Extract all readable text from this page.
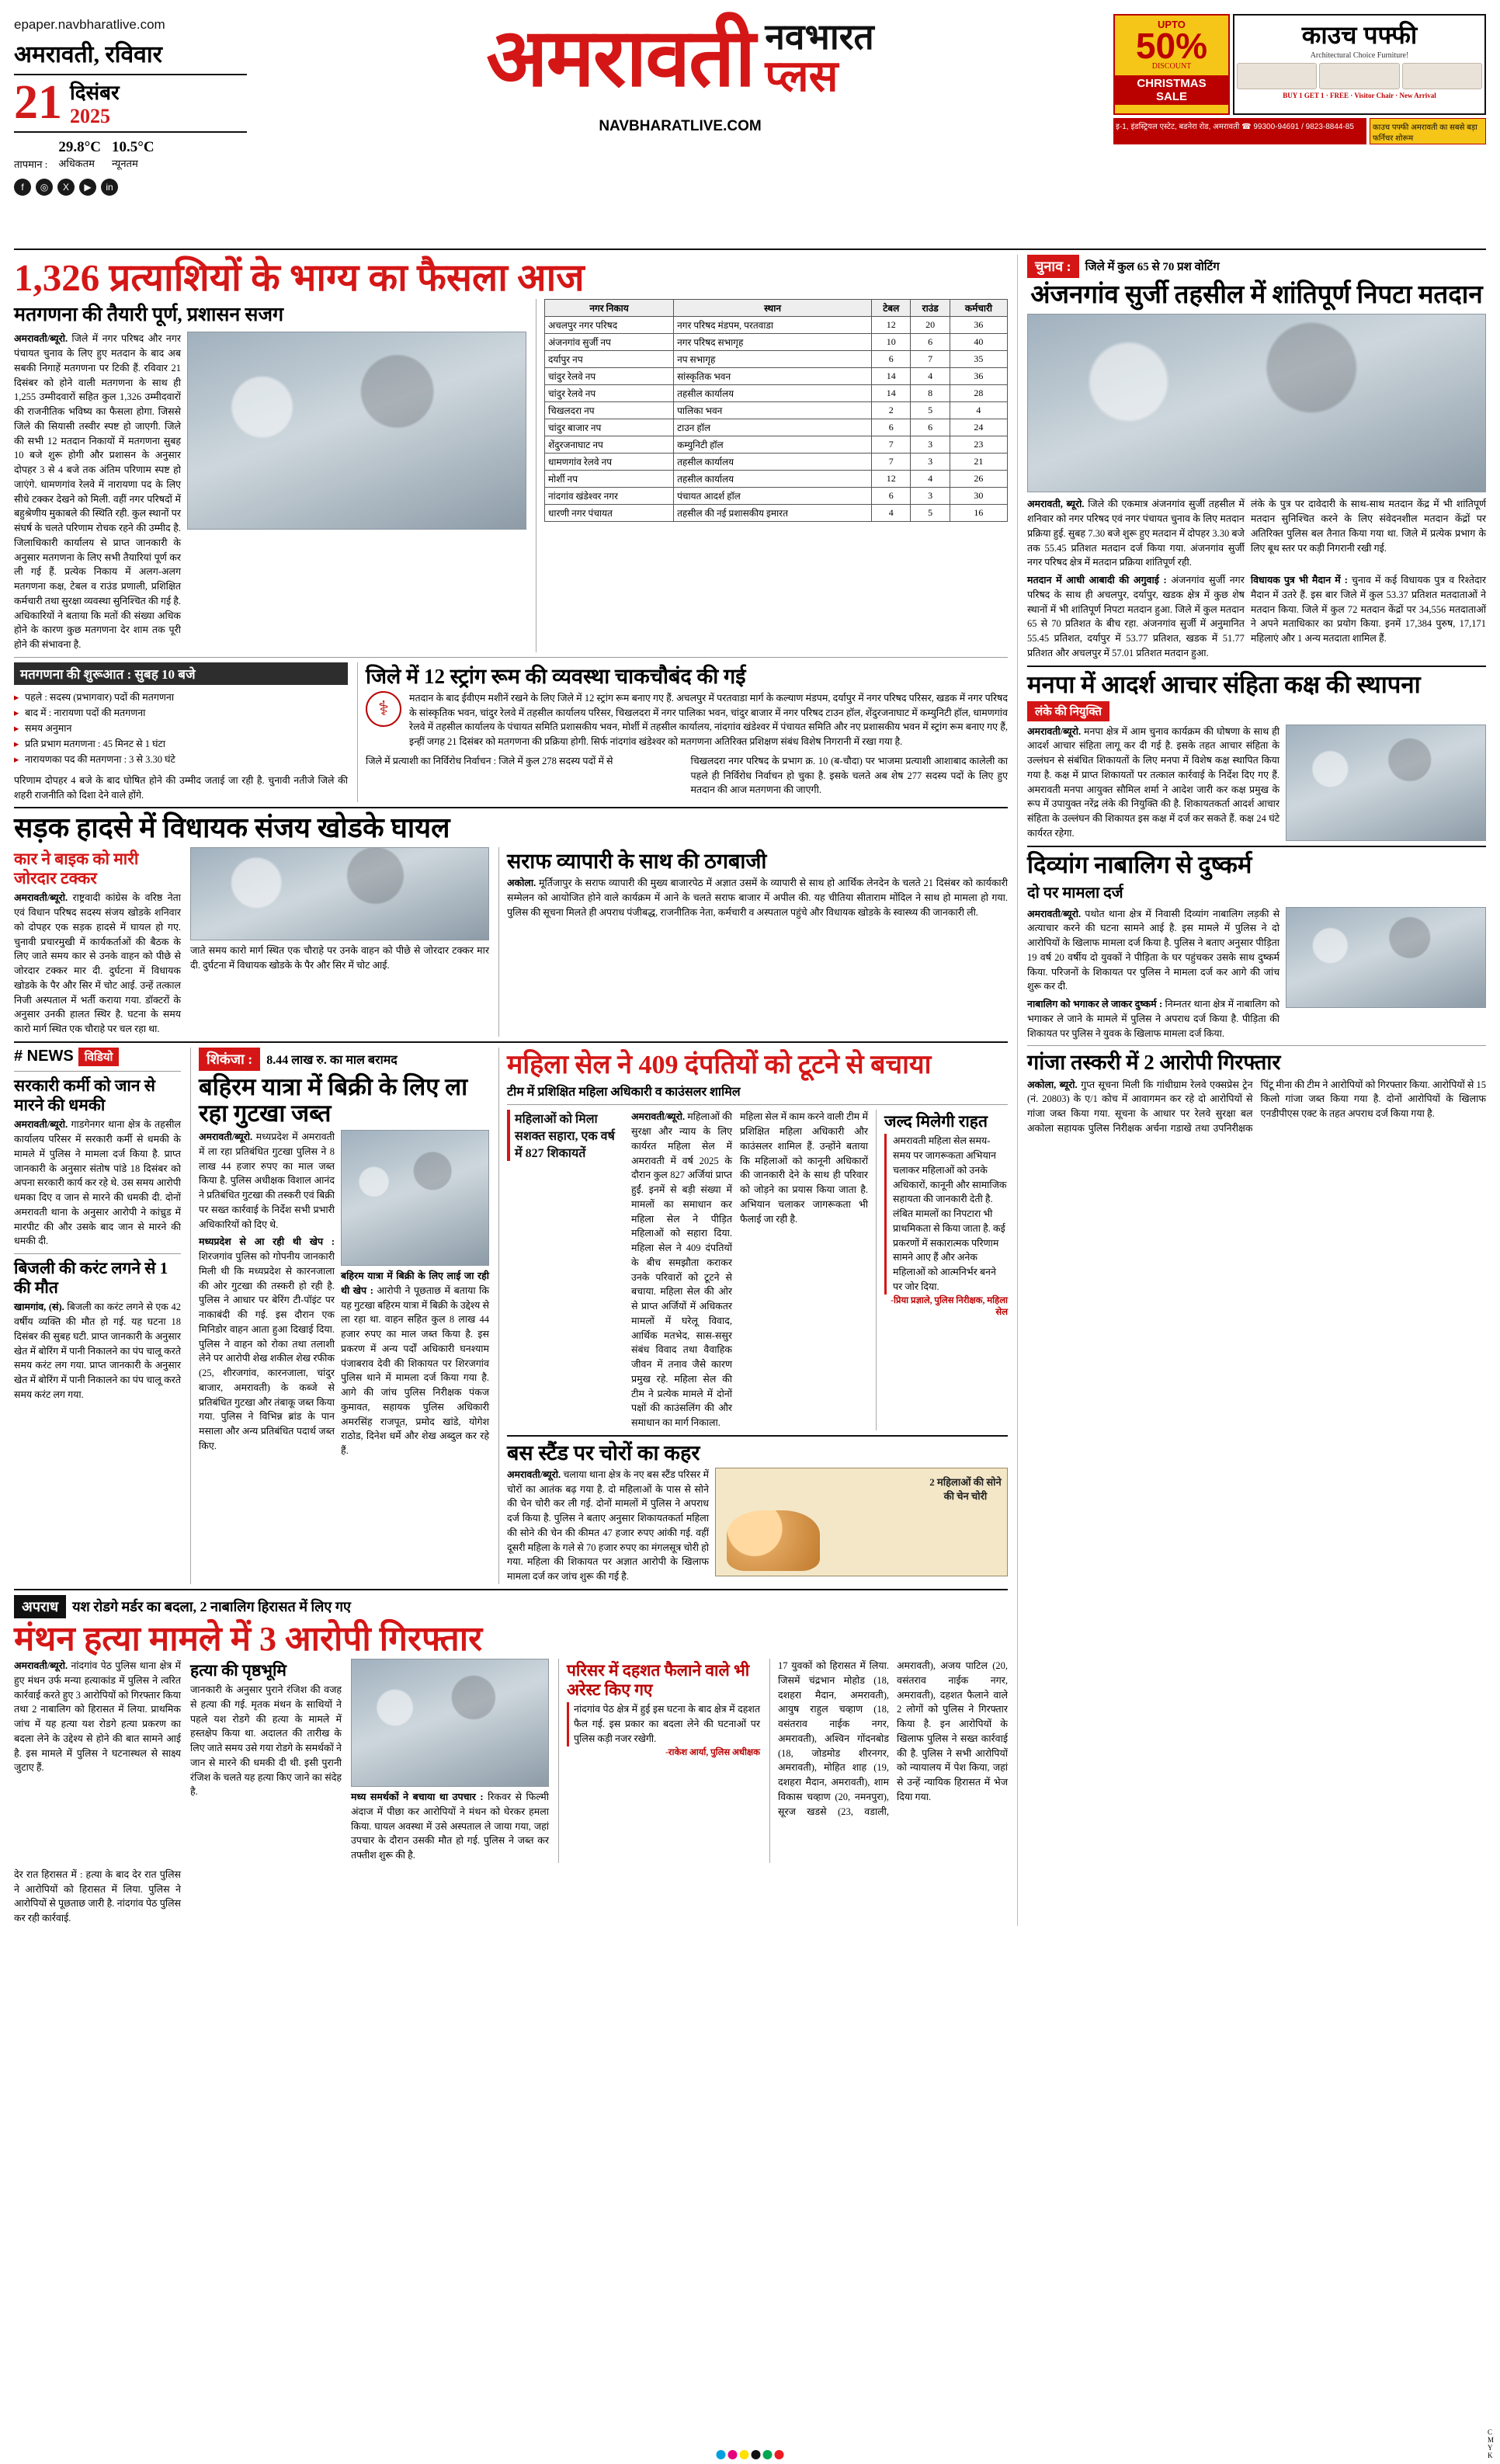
epaper.navbharatlive.com
अमरावती, रविवार
21 दिसंबर
2025
तापमान :
29.8°C
अधिकतम
10.5°C
न्यूनतम
f	◎	X	▶	in
अमरावती नवभारत
प्लस
NAVBHARATLIVE.COM
UPTO
50%
DISCOUNT
CHRISTMAS
SALE
काउच पफ्फी
Architectural Choice Furniture!
BUY 1 GET 1 · FREE · Visitor Chair · New Arrival
इ-1, इंडस्ट्रियल एस्टेट, बडनेरा रोड, अमरावती ☎ 99300-94691 / 9823-8844-85	काउच पफ्फी अमरावती का सबसे बड़ा फर्निचर शोरूम
1,326 प्रत्याशियों के भाग्य का फैसला आज
मतगणना की तैयारी पूर्ण, प्रशासन सजग
अमरावती/ब्यूरो. जिले में नगर परिषद और नगर पंचायत चुनाव के लिए हुए मतदान के बाद अब सबकी निगाहें मतगणना पर टिकी हैं. रविवार 21 दिसंबर को होने वाली मतगणना के साथ ही 1,255 उम्मीदवारों सहित कुल 1,326 उम्मीदवारों की राजनीतिक भविष्य का फैसला होगा. जिससे जिले की सियासी तस्वीर स्पष्ट हो जाएगी. जिले की सभी 12 मतदान निकायों में मतगणना सुबह 10 बजे शुरू होगी और प्रशासन के अनुसार दोपहर 3 से 4 बजे तक अंतिम परिणाम स्पष्ट हो जाएंगे. धामणगांव रेलवे में नारायणा पद के लिए सीधे टक्कर देखने को मिली. वहीं नगर परिषदों में बहुश्रेणीय मुकाबले की स्थिति रही. कुल स्थानों पर संघर्ष के चलते परिणाम रोचक रहने की उम्मीद है. जिलाधिकारी कार्यालय से प्राप्त जानकारी के अनुसार मतगणना के लिए सभी तैयारियां पूर्ण कर ली गई हैं. प्रत्येक निकाय में अलग-अलग मतगणना कक्ष, टेबल व राउंड प्रणाली, प्रशिक्षित कर्मचारी तथा सुरक्षा व्यवस्था सुनिश्चित की गई है. अधिकारियों ने बताया कि मतों की संख्या अधिक होने के कारण कुछ मतगणना देर शाम तक पूरी होने की संभावना है.
नगर निकाय	स्थान	टेबल	राउंड	कर्मचारी
अचलपुर नगर परिषद	नगर परिषद मंडपम, परतवाडा	12	20	36
अंजनगांव सुर्जी नप	नगर परिषद सभागृह	10	6	40
दर्यापुर नप	नप सभागृह	6	7	35
चांदुर रेलवे नप	सांस्कृतिक भवन	14	4	36
चांदुर रेलवे नप	तहसील कार्यालय	14	8	28
चिखलदरा नप	पालिका भवन	2	5	4
चांदुर बाजार नप	टाउन हॉल	6	6	24
शेंदुरजनाघाट नप	कम्युनिटी हॉल	7	3	23
धामणगांव रेलवे नप	तहसील कार्यालय	7	3	21
मोर्शी नप	तहसील कार्यालय	12	4	26
नांदगांव खंडेश्वर नगर	पंचायत आदर्श हॉल	6	3	30
धारणी नगर पंचायत	तहसील की नई प्रशासकीय इमारत	4	5	16
मतगणना की शुरूआत : सुबह 10 बजे
▸ पहले : सदस्य (प्रभागवार) पदों की मतगणना
▸ बाद में : नारायणा पदों की मतगणना
▸ समय अनुमान
▸ प्रति प्रभाग मतगणना : 45 मिनट से 1 घंटा
▸ नारायणका पद की मतगणना : 3 से 3.30 घंटे
परिणाम दोपहर 4 बजे के बाद घोषित होने की उम्मीद जताई जा रही है. चुनावी नतीजे जिले की शहरी राजनीति को दिशा देने वाले होंगे.
जिले में 12 स्ट्रांग रूम की व्यवस्था चाकचौबंद की गई
⚕	मतदान के बाद ईवीएम मशीनें रखने के लिए जिले में 12 स्ट्रांग रूम बनाए गए हैं. अचलपुर में परतवाडा मार्ग के कल्याण मंडपम, दर्यापुर में नगर परिषद परिसर, खडक में नगर परिषद के सांस्कृतिक भवन, चांदुर रेलवे में तहसील कार्यालय परिसर, चिखलदरा में नगर पालिका भवन, चांदुर बाजार में नगर परिषद टाउन हॉल, शेंदुरजनाघाट में कम्युनिटी हॉल, धामणगांव रेलवे में तहसील कार्यालय के पंचायत समिति प्रशासकीय भवन, मोर्शी में तहसील कार्यालय, नांदगांव खंडेश्वर में पंचायत समिति और नए प्रशासकीय भवन में स्ट्रांग रूम बनाए गए हैं, इन्हीं जगह 21 दिसंबर को मतगणना की प्रक्रिया होगी. सिर्फ नांदगांव खंडेश्वर को मतगणना अतिरिक्त प्रशिक्षण संबंध विशेष निगरानी में रखा गया है.
जिले में प्रत्याशी का निर्विरोध निर्वाचन : जिले में कुल 278 सदस्य पदों में से	चिखलदरा नगर परिषद के प्रभाग क्र. 10 (ब-चौदा) पर भाजमा प्रत्याशी आशाबाद कालेली का पहले ही निर्विरोध निर्वाचन हो चुका है. इसके चलते अब शेष 277 सदस्य पदों के लिए हुए मतदान की आज मतगणना की जाएगी.
सड़क हादसे में विधायक संजय खोडके घायल
कार ने बाइक को मारी जोरदार टक्कर
अमरावती/ब्यूरो. राष्ट्रवादी कांग्रेस के वरिष्ठ नेता एवं विधान परिषद सदस्य संजय खोडके शनिवार को दोपहर एक सड़क हादसे में घायल हो गए. चुनावी प्रचारमुखी में कार्यकर्ताओं की बैठक के लिए जाते समय कार से उनके वाहन को पीछे से जोरदार टक्कर मार दी. दुर्घटना में विधायक खोडके के पैर और सिर में चोट आई. उन्हें तत्काल निजी अस्पताल में भर्ती कराया गया. डॉक्टरों के अनुसार उनकी हालत स्थिर है. घटना के समय कारो मार्ग स्थित एक चौराहे पर चल रहा था.
जाते समय कारो मार्ग स्थित एक चौराहे पर उनके वाहन को पीछे से जोरदार टक्कर मार दी. दुर्घटना में विधायक खोडके के पैर और सिर में चोट आई.
सराफ व्यापारी के साथ की ठगबाजी
अकोला. मूर्तिजापुर के सराफ व्यापारी की मुख्य बाजारपेठ में अज्ञात उसमें के व्यापारी से साथ हो आर्थिक लेनदेन के चलते 21 दिसंबर को कार्यकारी सम्मेलन को आयोजित होने वाले कार्यक्रम में आने के चलते सराफ बाजार में अपील की. यह चीतिया सीताराम मोंदिल ने साथ हो मामला हो गया. पुलिस की सूचना मिलते ही अपराध पंजीबद्ध, राजनीतिक नेता, कर्मचारी व अस्पताल पहुंचे और विधायक खोडके के स्वास्थ्य की जानकारी ली.
# NEWS विडियो
सरकारी कर्मी को जान से मारने की धमकी
अमरावती/ब्यूरो. गाडगेनगर थाना क्षेत्र के तहसील कार्यालय परिसर में सरकारी कर्मी से धमकी के मामले में पुलिस ने मामला दर्ज किया है. प्राप्त जानकारी के अनुसार संतोष पांडे 18 दिसंबर को अपना सरकारी कार्य कर रहे थे. उस समय आरोपी धमका दिए व जान से मारने की धमकी दी. दोनों अमरावती थाना के अनुसार आरोपी ने कांच्रुड में मारपीट की और उसके बाद जान से मारने की धमकी दी.
बिजली की करंट लगने से 1 की मौत
खामगांव, (सं). बिजली का करंट लगने से एक 42 वर्षीय व्यक्ति की मौत हो गई. यह घटना 18 दिसंबर की सुबह घटी. प्राप्त जानकारी के अनुसार खेत में बोरिंग में पानी निकालने का पंप चालू करते समय करंट लग गया. प्राप्त जानकारी के अनुसार खेत में बोरिंग में पानी निकालने का पंप चालू करते समय करंट लग गया.
शिकंजा :	8.44 लाख रु. का माल बरामद
बहिरम यात्रा में बिक्री के लिए ला रहा गुटखा जब्त
अमरावती/ब्यूरो. मध्यप्रदेश में अमरावती में ला रहा प्रतिबंधित गुटखा पुलिस ने 8 लाख 44 हजार रुपए का माल जब्त किया है. पुलिस अधीक्षक विशाल आनंद ने प्रतिबंधित गुटखा की तस्करी एवं बिक्री पर सख्त कार्रवाई के निर्देश सभी प्रभारी अधिकारियों को दिए थे.
मध्यप्रदेश से आ रही थी खेप : शिरजगांव पुलिस को गोपनीय जानकारी मिली थी कि मध्यप्रदेश से कारनजाला की ओर गुटखा की तस्करी हो रही है. पुलिस ने आधार पर बेरिंग टी-पॉइंट पर नाकाबंदी की गई. इस दौरान एक मिनिडोर वाहन आता हुआ दिखाई दिया. पुलिस ने वाहन को रोका तथा तलाशी लेने पर आरोपी शेख शकील शेख रफीक (25, शीरजगांव, कारनजाला, चांदुर बाजार, अमरावती) के कब्जे से प्रतिबंधित गुटखा और तंबाकू जब्त किया गया. पुलिस ने विभिन्न ब्रांड के पान मसाला और अन्य प्रतिबंधित पदार्थ जब्त किए.
बहिरम यात्रा में बिक्री के लिए लाई जा रही थी खेप : आरोपी ने पूछताछ में बताया कि यह गुटखा बहिरम यात्रा में बिक्री के उद्देश्य से ला रहा था. वाहन सहित कुल 8 लाख 44 हजार रुपए का माल जब्त किया है. इस प्रकरण में अन्य पर्दों अधिकारी घनश्याम पंजाबराव देवी की शिकायत पर शिरजगांव पुलिस थाने में मामला दर्ज किया गया है. आगे की जांच पुलिस निरीक्षक पंकज कुमावत, सहायक पुलिस अधिकारी अमरसिंह राजपूत, प्रमोद खांडे, योगेश राठोड, दिनेश धर्मे और शेख अब्दुल कर रहे हैं.
महिला सेल ने 409 दंपतियों को टूटने से बचाया
टीम में प्रशिक्षित महिला अधिकारी व काउंसलर शामिल
महिलाओं को मिला सशक्त सहारा, एक वर्ष में 827 शिकायतें
अमरावती/ब्यूरो. महिलाओं की सुरक्षा और न्याय के लिए कार्यरत महिला सेल में अमरावती में वर्ष 2025 के दौरान कुल 827 अर्जियां प्राप्त हुईं. इनमें से बड़ी संख्या में मामलों का समाधान कर महिला सेल ने पीड़ित महिलाओं को सहारा दिया. महिला सेल ने 409 दंपतियों के बीच समझौता कराकर उनके परिवारों को टूटने से बचाया. महिला सेल की ओर से प्राप्त अर्जियों में अधिकतर मामलों में घरेलू विवाद, आर्थिक मतभेद, सास-ससुर संबंध विवाद तथा वैवाहिक जीवन में तनाव जैसे कारण प्रमुख रहे. महिला सेल की टीम ने प्रत्येक मामले में दोनों पक्षों की काउंसलिंग की और समाधान का मार्ग निकाला.
महिला सेल में काम करने वाली टीम में प्रशिक्षित महिला अधिकारी और काउंसलर शामिल हैं. उन्होंने बताया कि महिलाओं को कानूनी अधिकारों की जानकारी देने के साथ ही परिवार को जोड़ने का प्रयास किया जाता है. अभियान चलाकर जागरूकता भी फैलाई जा रही है.
जल्द मिलेगी राहत
अमरावती महिला सेल समय-समय पर जागरूकता अभियान चलाकर महिलाओं को उनके अधिकारों, कानूनी और सामाजिक सहायता की जानकारी देती है. लंबित मामलों का निपटारा भी प्राथमिकता से किया जाता है. कई प्रकरणों में सकारात्मक परिणाम सामने आए हैं और अनेक महिलाओं को आत्मनिर्भर बनने पर जोर दिया.
-प्रिया प्रज्ञाले, पुलिस निरीक्षक, महिला सेल
बस स्टैंड पर चोरों का कहर
अमरावती/ब्यूरो. चलाया थाना क्षेत्र के नए बस स्टैंड परिसर में चोरों का आतंक बढ़ गया है. दो महिलाओं के पास से सोने की चेन चोरी कर ली गई. दोनों मामलों में पुलिस ने अपराध दर्ज किया है. पुलिस ने बताए अनुसार शिकायतकर्ता महिला की सोने की चेन की कीमत 47 हजार रुपए आंकी गई. वहीं दूसरी महिला के गले से 70 हजार रुपए का मंगलसूत्र चोरी हो गया. महिला की शिकायत पर अज्ञात आरोपी के खिलाफ मामला दर्ज कर जांच शुरू की गई है.
2 महिलाओं की सोने की चेन चोरी
अपराध	यश रोडगे मर्डर का बदला, 2 नाबालिग हिरासत में लिए गए
मंथन हत्या मामले में 3 आरोपी गिरफ्तार
अमरावती/ब्यूरो. नांदगांव पेठ पुलिस थाना क्षेत्र में हुए मंथन उर्फ मन्या हत्याकांड में पुलिस ने त्वरित कार्रवाई करते हुए 3 आरोपियों को गिरफ्तार किया तथा 2 नाबालिग को हिरासत में लिया. प्राथमिक जांच में यह हत्या यश रोडगे हत्या प्रकरण का बदला लेने के उद्देश्य से होने की बात सामने आई है. इस मामले में पुलिस ने घटनास्थल से साक्ष्य जुटाए हैं.
हत्या की पृष्ठभूमि
जानकारी के अनुसार पुराने रंजिश की वजह से हत्या की गई. मृतक मंथन के साथियों ने पहले यश रोडगे की हत्या के मामले में हस्तक्षेप किया था. अदालत की तारीख के लिए जाते समय उसे गया रोडगे के समर्थकों ने जान से मारने की धमकी दी थी. इसी पुरानी रंजिश के चलते यह हत्या किए जाने का संदेह है.	मध्य समर्थकों ने बचाया था उपचार : रिकवर से फिल्मी अंदाज में पीछा कर आरोपियों ने मंथन को घेरकर हमला किया. घायल अवस्था में उसे अस्पताल ले जाया गया, जहां उपचार के दौरान उसकी मौत हो गई. पुलिस ने जब्त कर तफ्तीश शुरू की है.
परिसर में दहशत फैलाने वाले भी अरेस्ट किए गए
नांदगांव पेठ क्षेत्र में हुई इस घटना के बाद क्षेत्र में दहशत फैल गई. इस प्रकार का बदला लेने की घटनाओं पर पुलिस कड़ी नजर रखेगी.
-राकेश आर्या, पुलिस अधीक्षक
17 युवकों को हिरासत में लिया. जिसमें चंद्रभान मोहोड (18, दशहरा मैदान, अमरावती), आयुष राहुल चव्हाण (18, वसंतराव नाईक नगर, अमरावती), अश्विन गोंदनबोड (18, जोडमोड शीरनगर, अमरावती), मोहित शाह (19, दशहरा मैदान, अमरावती), शाम विकास चव्हाण (20, नमनपुरा), सूरज खडसे (23, वडाली, अमरावती), अजय पाटिल (20, वसंतराव नाईक नगर, अमरावती), दहशत फैलाने वाले 2 लोगों को पुलिस ने गिरफ्तार किया है. इन आरोपियों के खिलाफ पुलिस ने सख्त कार्रवाई की है. पुलिस ने सभी आरोपियों को न्यायालय में पेश किया, जहां से उन्हें न्यायिक हिरासत में भेज दिया गया.
देर रात हिरासत में : हत्या के बाद देर रात पुलिस ने आरोपियों को हिरासत में लिया. पुलिस ने आरोपियों से पूछताछ जारी है. नांदगांव पेठ पुलिस कर रही कार्रवाई.
चुनाव :	जिले में कुल 65 से 70 प्रश वोटिंग
अंजनगांव सुर्जी तहसील में शांतिपूर्ण निपटा मतदान
अमरावती, ब्यूरो. जिले की एकमात्र अंजनगांव सुर्जी तहसील में शनिवार को नगर परिषद एवं नगर पंचायत चुनाव के लिए मतदान प्रक्रिया हुई. सुबह 7.30 बजे शुरू हुए मतदान में दोपहर 3.30 बजे तक 55.45 प्रतिशत मतदान दर्ज किया गया. अंजनगांव सुर्जी नगर परिषद क्षेत्र में मतदान प्रक्रिया शांतिपूर्ण रही.
लंके के पुत्र पर दावेदारी के साथ-साथ मतदान केंद्र में भी शांतिपूर्ण मतदान सुनिश्चित करने के लिए संवेदनशील मतदान केंद्रों पर अतिरिक्त पुलिस बल तैनात किया गया था. जिले में प्रत्येक प्रभाग के लिए बूथ स्तर पर कड़ी निगरानी रखी गई.
मतदान में आधी आबादी की अगुवाई : अंजनगांव सुर्जी नगर परिषद के साथ ही अचलपुर, दर्यापुर, खडक क्षेत्र में कुछ शेष स्थानों में भी शांतिपूर्ण निपटा मतदान हुआ. जिले में कुल मतदान 65 से 70 प्रतिशत के बीच रहा. अंजनगांव सुर्जी में अनुमानित 55.45 प्रतिशत, दर्यापुर में 53.77 प्रतिशत, खडक में 51.77 प्रतिशत और अचलपुर में 57.01 प्रतिशत मतदान हुआ.
विधायक पुत्र भी मैदान में : चुनाव में कई विधायक पुत्र व रिश्तेदार मैदान में उतरे हैं. इस बार जिले में कुल 53.37 प्रतिशत मतदाताओं ने मतदान किया. जिले में कुल 72 मतदान केंद्रों पर 34,556 मतदाताओं ने अपने मताधिकार का प्रयोग किया. इनमें 17,384 पुरुष, 17,171 महिलाएं और 1 अन्य मतदाता शामिल हैं.
मनपा में आदर्श आचार संहिता कक्ष की स्थापना
लंके की नियुक्ति
अमरावती/ब्यूरो. मनपा क्षेत्र में आम चुनाव कार्यक्रम की घोषणा के साथ ही आदर्श आचार संहिता लागू कर दी गई है. इसके तहत आचार संहिता के उल्लंघन से संबंधित शिकायतों के लिए मनपा में विशेष कक्ष स्थापित किया गया है. कक्ष में प्राप्त शिकायतों पर तत्काल कार्रवाई के निर्देश दिए गए हैं. अमरावती मनपा आयुक्त सौमिल शर्मा ने आदेश जारी कर कक्ष प्रमुख के रूप में उपायुक्त नरेंद्र लंके की नियुक्ति की है. शिकायतकर्ता आदर्श आचार संहिता के उल्लंघन की शिकायत इस कक्ष में दर्ज कर सकते हैं. कक्ष 24 घंटे कार्यरत रहेगा.
दिव्यांग नाबालिग से दुष्कर्म
दो पर मामला दर्ज
अमरावती/ब्यूरो. पथोत थाना क्षेत्र में निवासी दिव्यांग नाबालिग लड़की से अत्याचार करने की घटना सामने आई है. इस मामले में पुलिस ने दो आरोपियों के खिलाफ मामला दर्ज किया है. पुलिस ने बताए अनुसार पीड़िता 19 वर्ष 20 वर्षीय दो युवकों ने पीड़िता के घर पहुंचकर उसके साथ दुष्कर्म किया. परिजनों के शिकायत पर पुलिस ने मामला दर्ज कर आगे की जांच शुरू कर दी.
नाबालिग को भगाकर ले जाकर दुष्कर्म : निम्नतर थाना क्षेत्र में नाबालिग को भगाकर ले जाने के मामले में पुलिस ने अपराध दर्ज किया है. पीड़िता की शिकायत पर पुलिस ने युवक के खिलाफ मामला दर्ज किया.
गांजा तस्करी में 2 आरोपी गिरफ्तार
अकोला, ब्यूरो. गुप्त सूचना मिली कि गांधीग्राम रेलवे एक्सप्रेस ट्रेन (नं. 20803) के ए/1 कोच में आवागमन कर रहे दो आरोपियों से गांजा जब्त किया गया. सूचना के आधार पर रेलवे सुरक्षा बल अकोला सहायक पुलिस निरीक्षक अर्चना गडाखे तथा उपनिरीक्षक पिंटू मीना की टीम ने आरोपियों को गिरफ्तार किया. आरोपियों से 15 किलो गांजा जब्त किया गया है. दोनों आरोपियों के खिलाफ एनडीपीएस एक्ट के तहत अपराध दर्ज किया गया है.
C
M
Y
K
